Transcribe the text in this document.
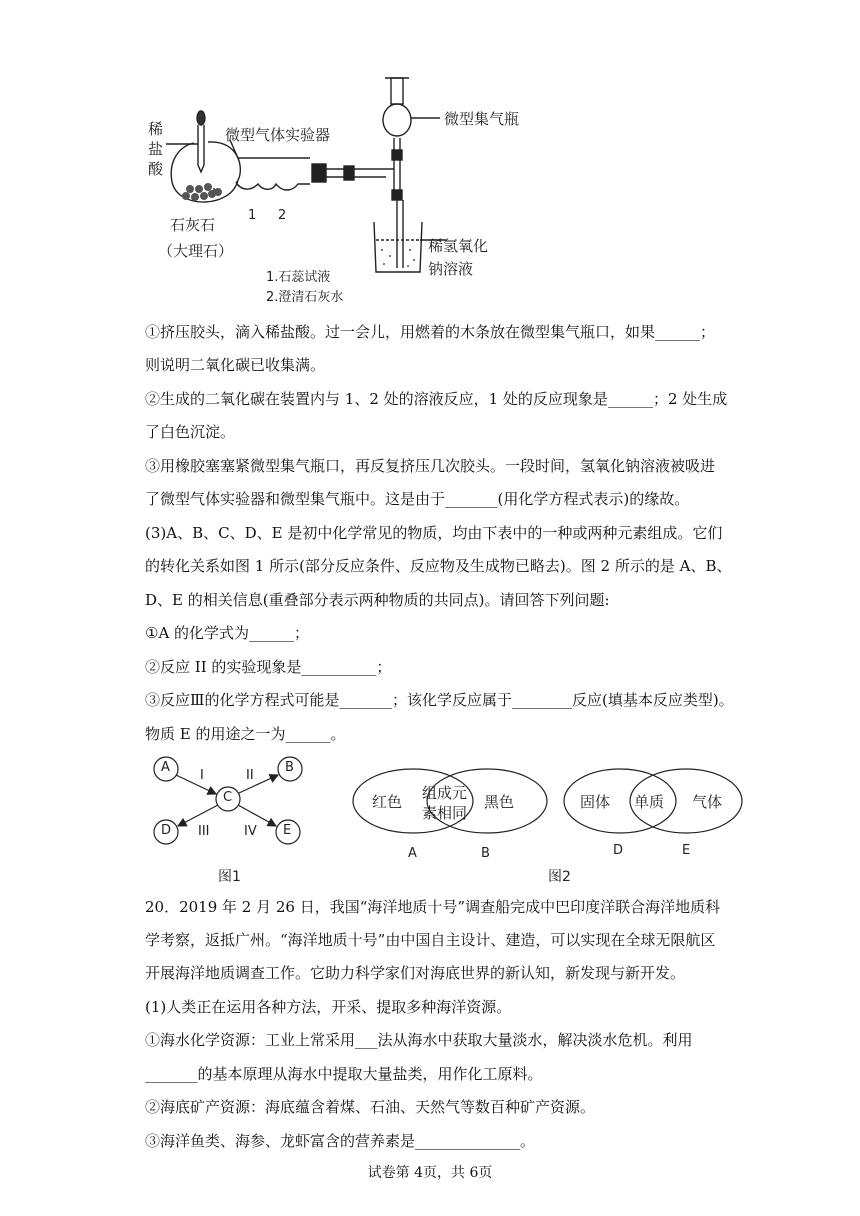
稀
盐
酸
微型气体实验器
微型集气瓶
石灰石
（大理石）
1 2
稀氢氧化
钠溶液
1.石蕊试液
2.澄清石灰水
①挤压胶头，滴入稀盐酸。过一会儿，用燃着的木条放在微型集气瓶口，如果______；
则说明二氧化碳已收集满。
②生成的二氧化碳在装置内与 1、2 处的溶液反应，1 处的反应现象是______；2 处生成
了白色沉淀。
③用橡胶塞塞紧微型集气瓶口，再反复挤压几次胶头。一段时间，氢氧化钠溶液被吸进
了微型气体实验器和微型集气瓶中。这是由于_______(用化学方程式表示)的缘故。
(3)A、B、C、D、E 是初中化学常见的物质，均由下表中的一种或两种元素组成。它们
的转化关系如图 1 所示(部分反应条件、反应物及生成物已略去)。图 2 所示的是 A、B、
D、E 的相关信息(重叠部分表示两种物质的共同点)。请回答下列问题:
①A 的化学式为______；
②反应 II 的实验现象是__________；
③反应Ⅲ的化学方程式可能是_______；该化学反应属于________反应(填基本反应类型)。
物质 E 的用途之一为______。
A	B
C
D	E
I	II
III	IV
图1
红色 组成元
素相同
黑色
A	B
固体 单质 气体
D	E
图2
20．2019 年 2 月 26 日，我国“海洋地质十号”调查船完成中巴印度洋联合海洋地质科
学考察，返抵广州。“海洋地质十号”由中国自主设计、建造，可以实现在全球无限航区
开展海洋地质调查工作。它助力科学家们对海底世界的新认知，新发现与新开发。
(1)人类正在运用各种方法，开采、提取多种海洋资源。
①海水化学资源：工业上常采用___法从海水中获取大量淡水，解决淡水危机。利用
_______的基本原理从海水中提取大量盐类，用作化工原料。
②海底矿产资源：海底蕴含着煤、石油、天然气等数百种矿产资源。
③海洋鱼类、海参、龙虾富含的营养素是______________。
试卷第 4页，共 6页
